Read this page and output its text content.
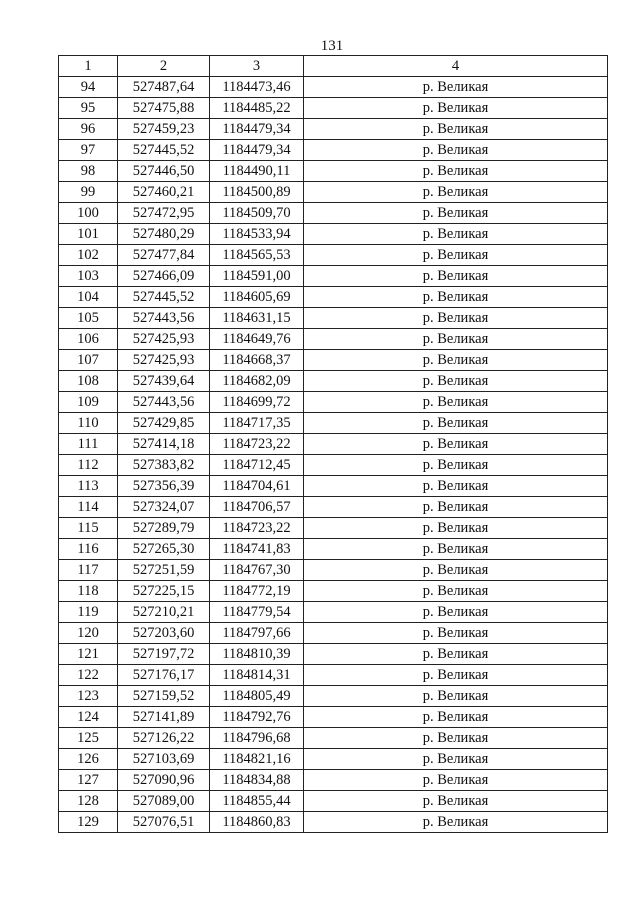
131
1	2	3	4
94	527487,64	1184473,46	р. Великая
95	527475,88	1184485,22	р. Великая
96	527459,23	1184479,34	р. Великая
97	527445,52	1184479,34	р. Великая
98	527446,50	1184490,11	р. Великая
99	527460,21	1184500,89	р. Великая
100	527472,95	1184509,70	р. Великая
101	527480,29	1184533,94	р. Великая
102	527477,84	1184565,53	р. Великая
103	527466,09	1184591,00	р. Великая
104	527445,52	1184605,69	р. Великая
105	527443,56	1184631,15	р. Великая
106	527425,93	1184649,76	р. Великая
107	527425,93	1184668,37	р. Великая
108	527439,64	1184682,09	р. Великая
109	527443,56	1184699,72	р. Великая
110	527429,85	1184717,35	р. Великая
111	527414,18	1184723,22	р. Великая
112	527383,82	1184712,45	р. Великая
113	527356,39	1184704,61	р. Великая
114	527324,07	1184706,57	р. Великая
115	527289,79	1184723,22	р. Великая
116	527265,30	1184741,83	р. Великая
117	527251,59	1184767,30	р. Великая
118	527225,15	1184772,19	р. Великая
119	527210,21	1184779,54	р. Великая
120	527203,60	1184797,66	р. Великая
121	527197,72	1184810,39	р. Великая
122	527176,17	1184814,31	р. Великая
123	527159,52	1184805,49	р. Великая
124	527141,89	1184792,76	р. Великая
125	527126,22	1184796,68	р. Великая
126	527103,69	1184821,16	р. Великая
127	527090,96	1184834,88	р. Великая
128	527089,00	1184855,44	р. Великая
129	527076,51	1184860,83	р. Великая
